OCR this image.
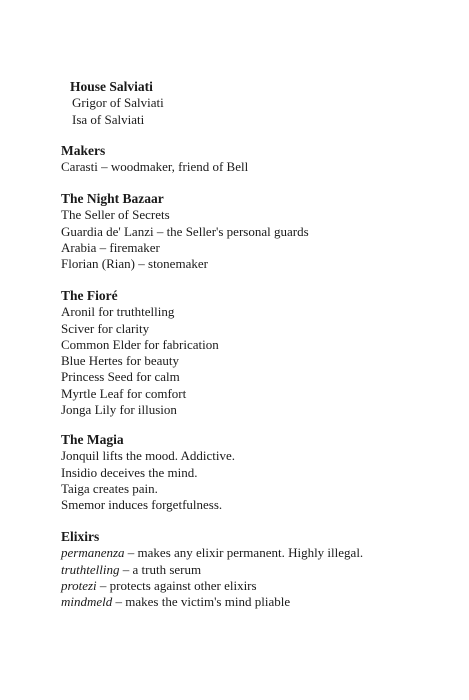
House Salviati

Grigor of Salviati

Isa of Salviati

Makers

Carasti – woodmaker, friend of Bell

The Night Bazaar

The Seller of Secrets

Guardia de' Lanzi – the Seller's personal guards

Arabia – firemaker

Florian (Rian) – stonemaker

The Fioré

Aronil for truthtelling

Sciver for clarity

Common Elder for fabrication

Blue Hertes for beauty

Princess Seed for calm

Myrtle Leaf for comfort

Jonga Lily for illusion

The Magia

Jonquil lifts the mood. Addictive.

Insidio deceives the mind.

Taiga creates pain.

Smemor induces forgetfulness.

Elixirs

permanenza – makes any elixir permanent. Highly illegal.

truthtelling – a truth serum

protezi – protects against other elixirs

mindmeld – makes the victim's mind pliable
